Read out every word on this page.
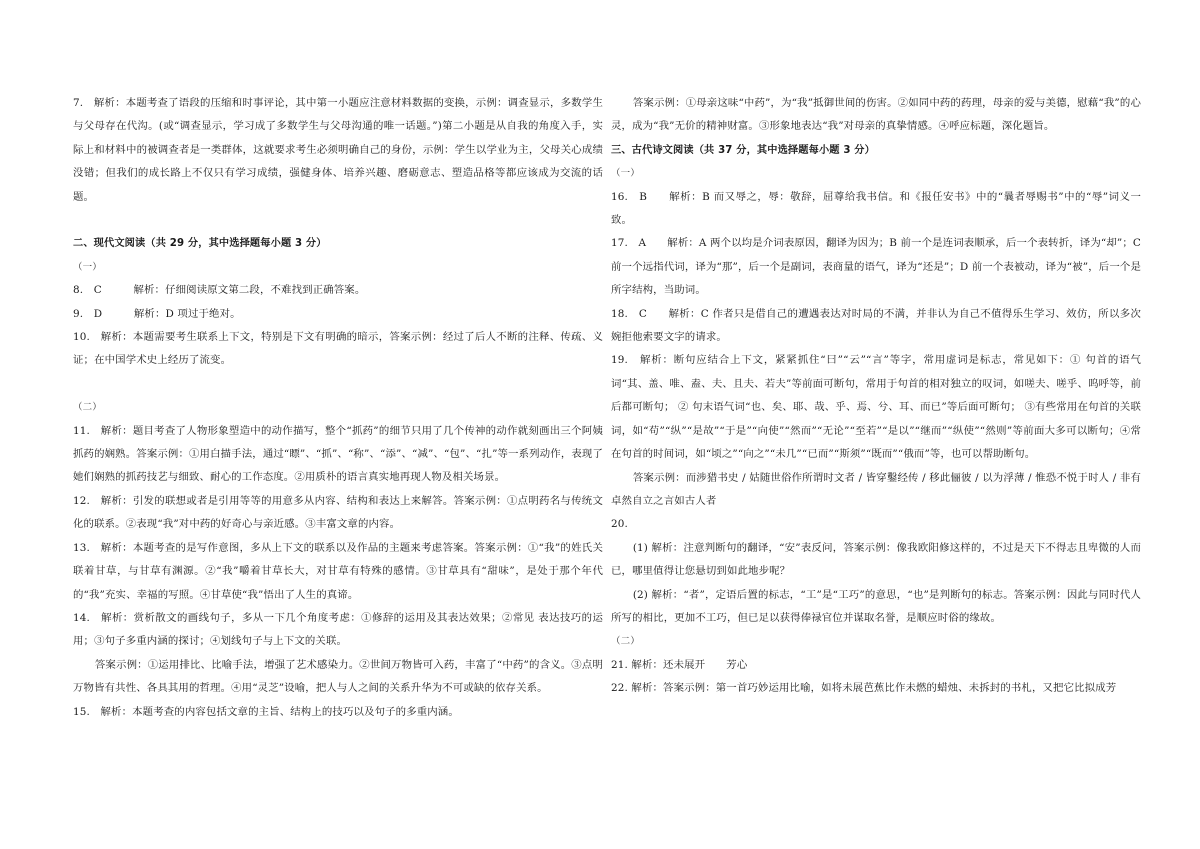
7.　解析：本题考查了语段的压缩和时事评论，其中第一小题应注意材料数据的变换，示例：调查显示，多数学生与父母存在代沟。(或“调查显示，学习成了多数学生与父母沟通的唯一话题。”)第二小题是从自我的角度入手，实际上和材料中的被调查者是一类群体，这就要求考生必须明确自己的身份，示例：学生以学业为主，父母关心成绩没错；但我们的成长路上不仅只有学习成绩，强健身体、培养兴趣、磨砺意志、塑造品格等都应该成为交流的话题。

二、现代文阅读（共 29 分，其中选择题每小题 3 分）

（一）

8.　C　　　解析：仔细阅读原文第二段，不难找到正确答案。

9.　D　　　解析：D 项过于绝对。

10.　解析：本题需要考生联系上下文，特别是下文有明确的暗示，答案示例：经过了后人不断的注释、传疏、义证；在中国学术史上经历了流变。

（二）

11.　解析：题目考查了人物形象塑造中的动作描写，整个“抓药”的细节只用了几个传神的动作就刻画出三个阿姨抓药的娴熟。答案示例：①用白描手法，通过“瞟”、“抓”、“称”、“添”、“减”、“包”、“扎”等一系列动作，表现了她们娴熟的抓药技艺与细致、耐心的工作态度。②用质朴的语言真实地再现人物及相关场景。

12.　解析：引发的联想或者是引用等等的用意多从内容、结构和表达上来解答。答案示例：①点明药名与传统文化的联系。②表现“我”对中药的好奇心与亲近感。③丰富文章的内容。

13.　解析：本题考查的是写作意图，多从上下文的联系以及作品的主题来考虑答案。答案示例：①“我”的姓氏关联着甘草，与甘草有渊源。②“我”嚼着甘草长大，对甘草有特殊的感情。③甘草具有“甜味”，是处于那个年代的“我”充实、幸福的写照。④甘草使“我”悟出了人生的真谛。

14.　解析：赏析散文的画线句子，多从一下几个角度考虑：①修辞的运用及其表达效果；②常见 表达技巧的运用；③句子多重内涵的探讨；④划线句子与上下文的关联。

答案示例：①运用排比、比喻手法，增强了艺术感染力。②世间万物皆可入药，丰富了“中药”的含义。③点明万物皆有共性、各具其用的哲理。④用“灵芝”设喻，把人与人之间的关系升华为不可或缺的依存关系。

15.　解析：本题考查的内容包括文章的主旨、结构上的技巧以及句子的多重内涵。

答案示例：①母亲这味“中药”，为“我”抵御世间的伤害。②如同中药的药理，母亲的爱与美德，慰藉“我”的心灵，成为“我”无价的精神财富。③形象地表达“我”对母亲的真挚情感。④呼应标题，深化题旨。

三、古代诗文阅读（共 37 分，其中选择题每小题 3 分）

（一）

16.　B　　解析：B 而又辱之，辱：敬辞，屈尊给我书信。和《报任安书》中的“曩者辱赐书”中的“辱”词义一致。

17.　A　　解析：A 两个以均是介词表原因，翻译为因为；B 前一个是连词表顺承，后一个表转折，译为“却”；C 前一个远指代词，译为“那”，后一个是副词，表商量的语气，译为“还是”；D 前一个表被动，译为“被”，后一个是所字结构，当助词。

18.　C　　解析：C 作者只是借自己的遭遇表达对时局的不满，并非认为自己不值得乐生学习、效仿，所以多次婉拒他索要文字的请求。

19.　解析：断句应结合上下文，紧紧抓住“曰”“云”“言”等字，常用虚词是标志，常见如下：① 句首的语气词“其、盖、唯、盍、夫、且夫、若夫”等前面可断句，常用于句首的相对独立的叹词，如嗟夫、嗟乎、呜呼等，前后都可断句； ② 句末语气词“也、矣、耶、哉、乎、焉、兮、耳、而已”等后面可断句； ③有些常用在句首的关联词，如“苟”“纵”“是故”“于是”“向使”“然而”“无论”“至若”“是以”“继而”“纵使”“然则”等前面大多可以断句；④常在句首的时间词，如“顷之”“向之”“未几”“已而”“斯须”“既而”“俄而”等，也可以帮助断句。

答案示例：而涉猎书史 / 姑随世俗作所谓时文者 / 皆穿鑿经传 / 移此俪彼 / 以为浮薄 / 惟恐不悦于时人 / 非有卓然自立之言如古人者

20.

(1) 解析：注意判断句的翻译，“安”表反问，答案示例：像我欧阳修这样的，不过是天下不得志且卑微的人而已，哪里值得让您悬切到如此地步呢？

(2) 解析：“者”，定语后置的标志，“工”是“工巧”的意思，“也”是判断句的标志。答案示例：因此与同时代人所写的相比，更加不工巧，但已足以获得俸禄官位并谋取名誉，是顺应时俗的缘故。

（二）

21. 解析：还未展开　　芳心

22. 解析：答案示例：第一首巧妙运用比喻，如将未展芭蕉比作未燃的蜡烛、未拆封的书札，又把它比拟成芳
